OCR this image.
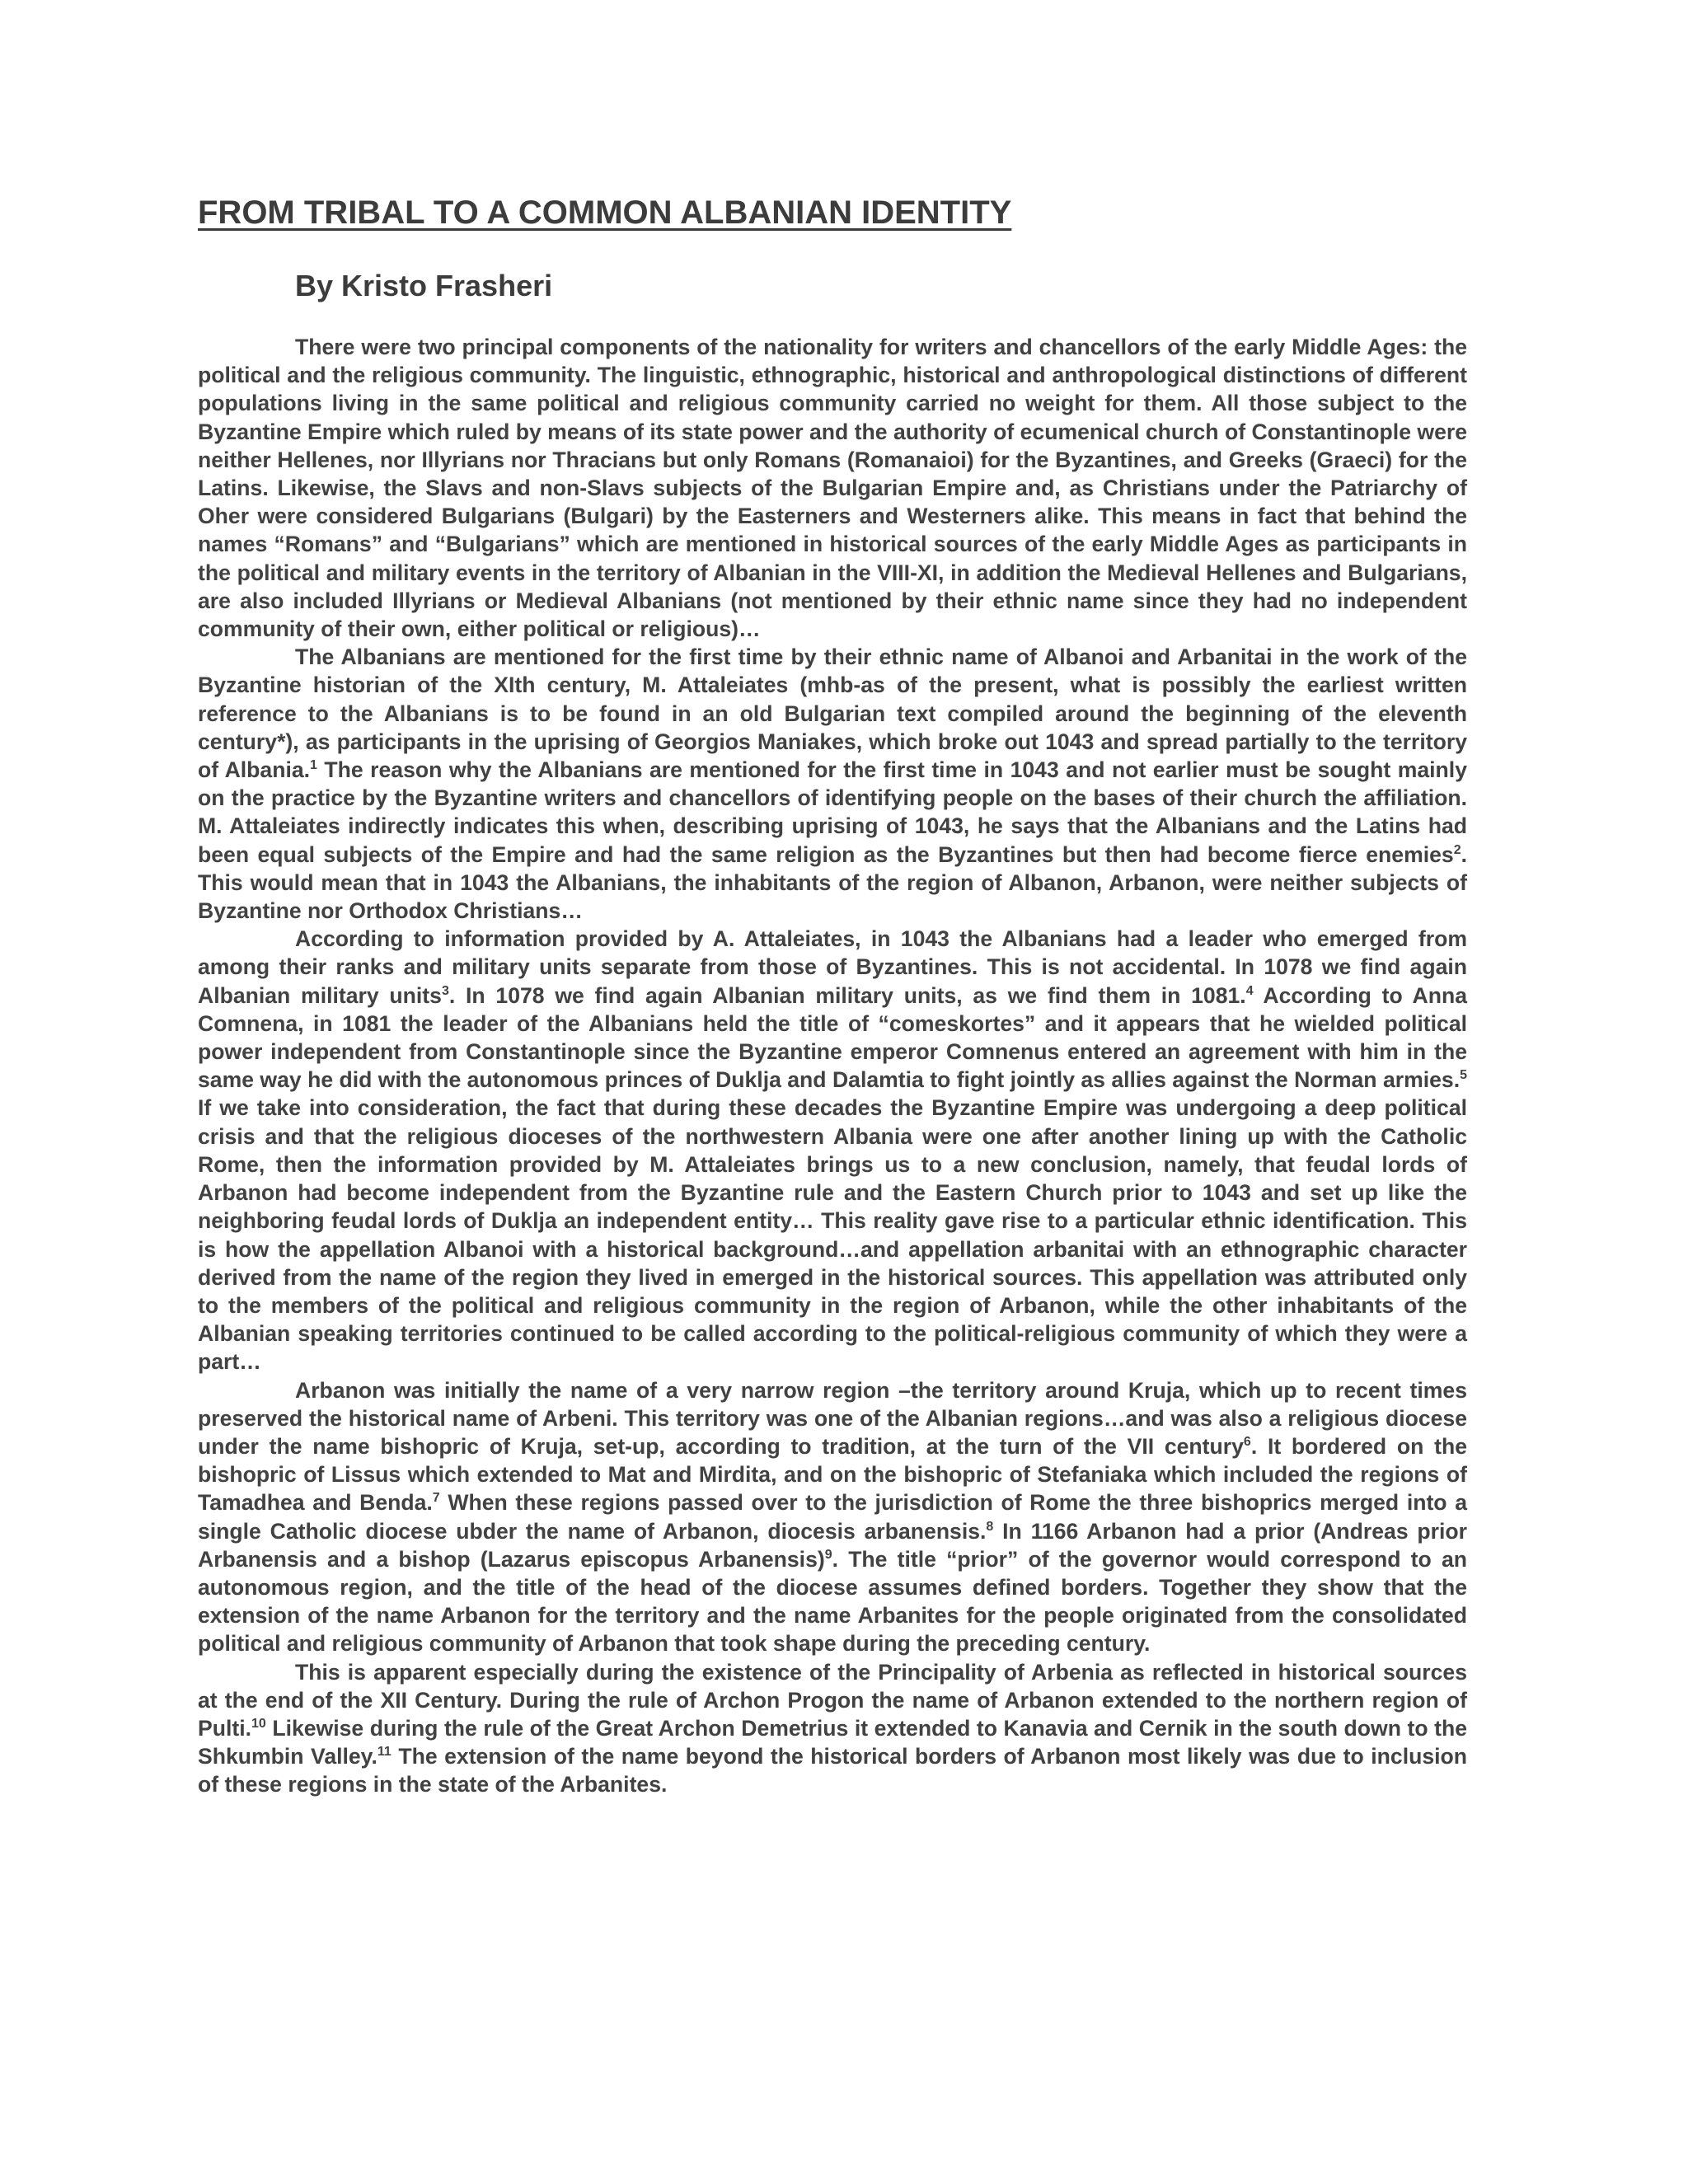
FROM TRIBAL TO A COMMON ALBANIAN IDENTITY
By Kristo Frasheri

There were two principal components of the nationality for writers and chancellors of the early Middle Ages: the political and the religious community. The linguistic, ethnographic, historical and anthropological distinctions of different populations living in the same political and religious community carried no weight for them. All those subject to the Byzantine Empire which ruled by means of its state power and the authority of ecumenical church of Constantinople were neither Hellenes, nor Illyrians nor Thracians but only Romans (Romanaioi) for the Byzantines, and Greeks (Graeci) for the Latins. Likewise, the Slavs and non-Slavs subjects of the Bulgarian Empire and, as Christians under the Patriarchy of Oher were considered Bulgarians (Bulgari) by the Easterners and Westerners alike. This means in fact that behind the names “Romans” and “Bulgarians” which are mentioned in historical sources of the early Middle Ages as participants in the political and military events in the territory of Albanian in the VIII-XI, in addition the Medieval Hellenes and Bulgarians, are also included Illyrians or Medieval Albanians (not mentioned by their ethnic name since they had no independent community of their own, either political or religious)…

The Albanians are mentioned for the first time by their ethnic name of Albanoi and Arbanitai in the work of the Byzantine historian of the XIth century, M. Attaleiates (mhb-as of the present, what is possibly the earliest written reference to the Albanians is to be found in an old Bulgarian text compiled around the beginning of the eleventh century*), as participants in the uprising of Georgios Maniakes, which broke out 1043 and spread partially to the territory of Albania.$^1$ The reason why the Albanians are mentioned for the first time in 1043 and not earlier must be sought mainly on the practice by the Byzantine writers and chancellors of identifying people on the bases of their church the affiliation. M. Attaleiates indirectly indicates this when, describing uprising of 1043, he says that the Albanians and the Latins had been equal subjects of the Empire and had the same religion as the Byzantines but then had become fierce enemies$^2$. This would mean that in 1043 the Albanians, the inhabitants of the region of Albanon, Arbanon, were neither subjects of Byzantine nor Orthodox Christians…

According to information provided by A. Attaleiates, in 1043 the Albanians had a leader who emerged from among their ranks and military units separate from those of Byzantines. This is not accidental. In 1078 we find again Albanian military units$^3$. In 1078 we find again Albanian military units, as we find them in 1081.$^4$ According to Anna Comnena, in 1081 the leader of the Albanians held the title of “comeskortes” and it appears that he wielded political power independent from Constantinople since the Byzantine emperor Comnenus entered an agreement with him in the same way he did with the autonomous princes of Duklja and Dalamtia to fight jointly as allies against the Norman armies.$^5$ If we take into consideration, the fact that during these decades the Byzantine Empire was undergoing a deep political crisis and that the religious dioceses of the northwestern Albania were one after another lining up with the Catholic Rome, then the information provided by M. Attaleiates brings us to a new conclusion, namely, that feudal lords of Arbanon had become independent from the Byzantine rule and the Eastern Church prior to 1043 and set up like the neighboring feudal lords of Duklja an independent entity… This reality gave rise to a particular ethnic identification. This is how the appellation Albanoi with a historical background…and appellation arbanitai with an ethnographic character derived from the name of the region they lived in emerged in the historical sources. This appellation was attributed only to the members of the political and religious community in the region of Arbanon, while the other inhabitants of the Albanian speaking territories continued to be called according to the political-religious community of which they were a part…

Arbanon was initially the name of a very narrow region –the territory around Kruja, which up to recent times preserved the historical name of Arbeni. This territory was one of the Albanian regions…and was also a religious diocese under the name bishopric of Kruja, set-up, according to tradition, at the turn of the VII century$^6$. It bordered on the bishopric of Lissus which extended to Mat and Mirdita, and on the bishopric of Stefaniaka which included the regions of Tamadhea and Benda.$^7$ When these regions passed over to the jurisdiction of Rome the three bishoprics merged into a single Catholic diocese ubder the name of Arbanon, diocesis arbanensis.$^8$ In 1166 Arbanon had a prior (Andreas prior Arbanensis and a bishop (Lazarus episcopus Arbanensis)$^9$. The title “prior” of the governor would correspond to an autonomous region, and the title of the head of the diocese assumes defined borders. Together they show that the extension of the name Arbanon for the territory and the name Arbanites for the people originated from the consolidated political and religious community of Arbanon that took shape during the preceding century.

This is apparent especially during the existence of the Principality of Arbenia as reflected in historical sources at the end of the XII Century. During the rule of Archon Progon the name of Arbanon extended to the northern region of Pulti.$^{10}$ Likewise during the rule of the Great Archon Demetrius it extended to Kanavia and Cernik in the south down to the Shkumbin Valley.$^{11}$ The extension of the name beyond the historical borders of Arbanon most likely was due to inclusion of these regions in the state of the Arbanites.
